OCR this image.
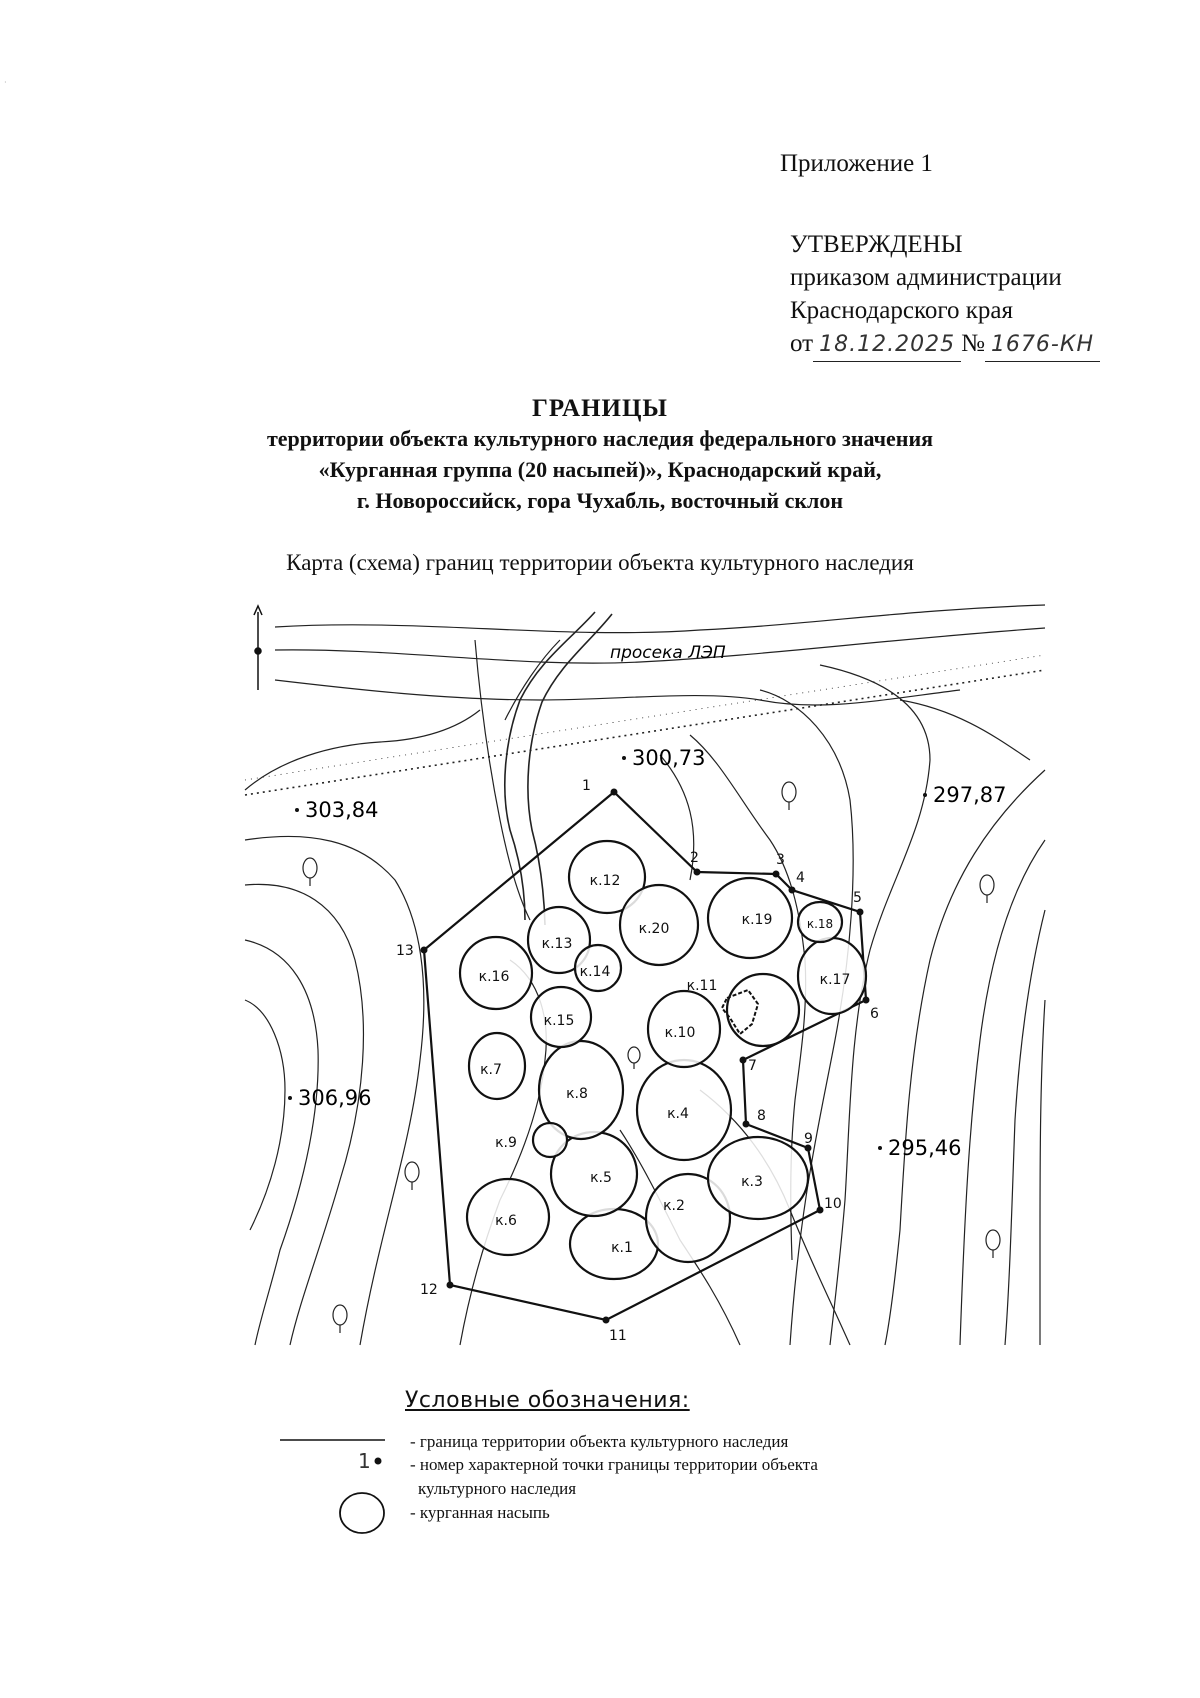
·
Приложение 1
УТВЕРЖДЕНЫ
приказом администрации
Краснодарского края
от 18.12.2025 № 1676-КН
ГРАНИЦЫ
территории объекта культурного наследия федерального значения
«Курганная группа (20 насыпей)», Краснодарский край,
г. Новороссийск, гора Чухабль, восточный склон
Карта (схема) границ территории объекта культурного наследия
просека ЛЭП
300,73
303,84
297,87
306,96
295,46
1
2	3
4
5
6
7
8
9
10
11
12
13
к.1
к.2
к.3
к.4
к.5
к.6
к.7
к.8
к.9
к.10
к.11
к.12
к.13
к.14
к.15
к.16	к.17
к.18
к.19
к.20
1
Условные обозначения:
- граница территории объекта культурного наследия
- номер характерной точки границы территории объекта
культурного наследия
- курганная насыпь
